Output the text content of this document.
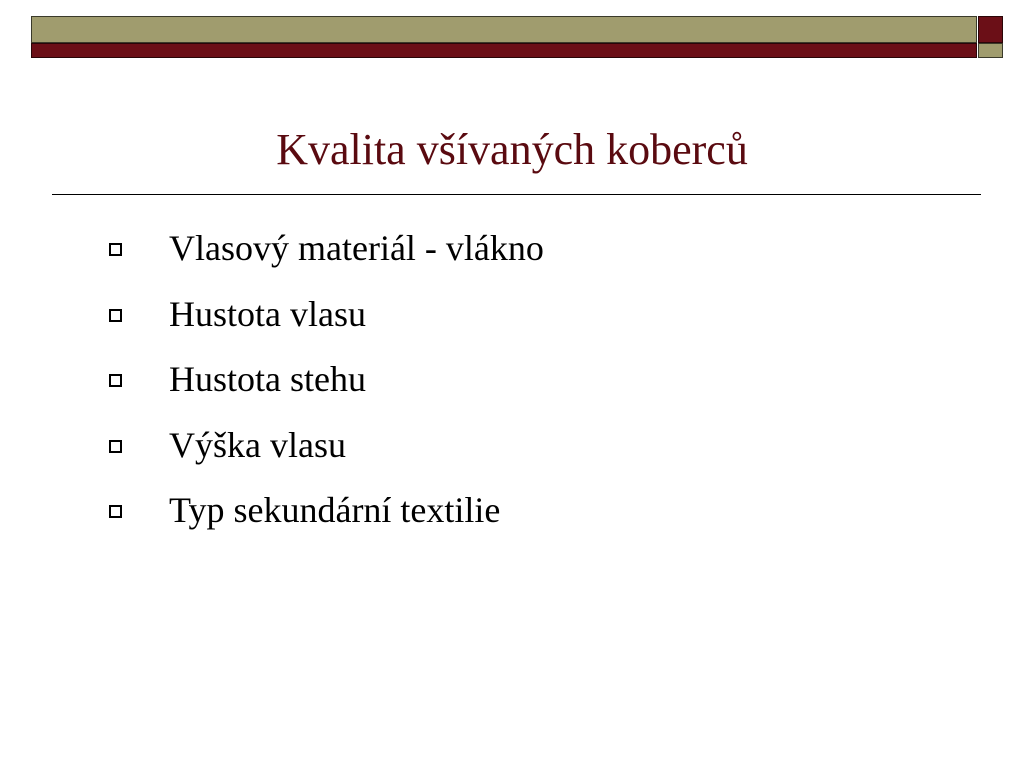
Kvalita všívaných koberců
Vlasový materiál - vlákno
Hustota vlasu
Hustota stehu
Výška vlasu
Typ sekundární textilie
